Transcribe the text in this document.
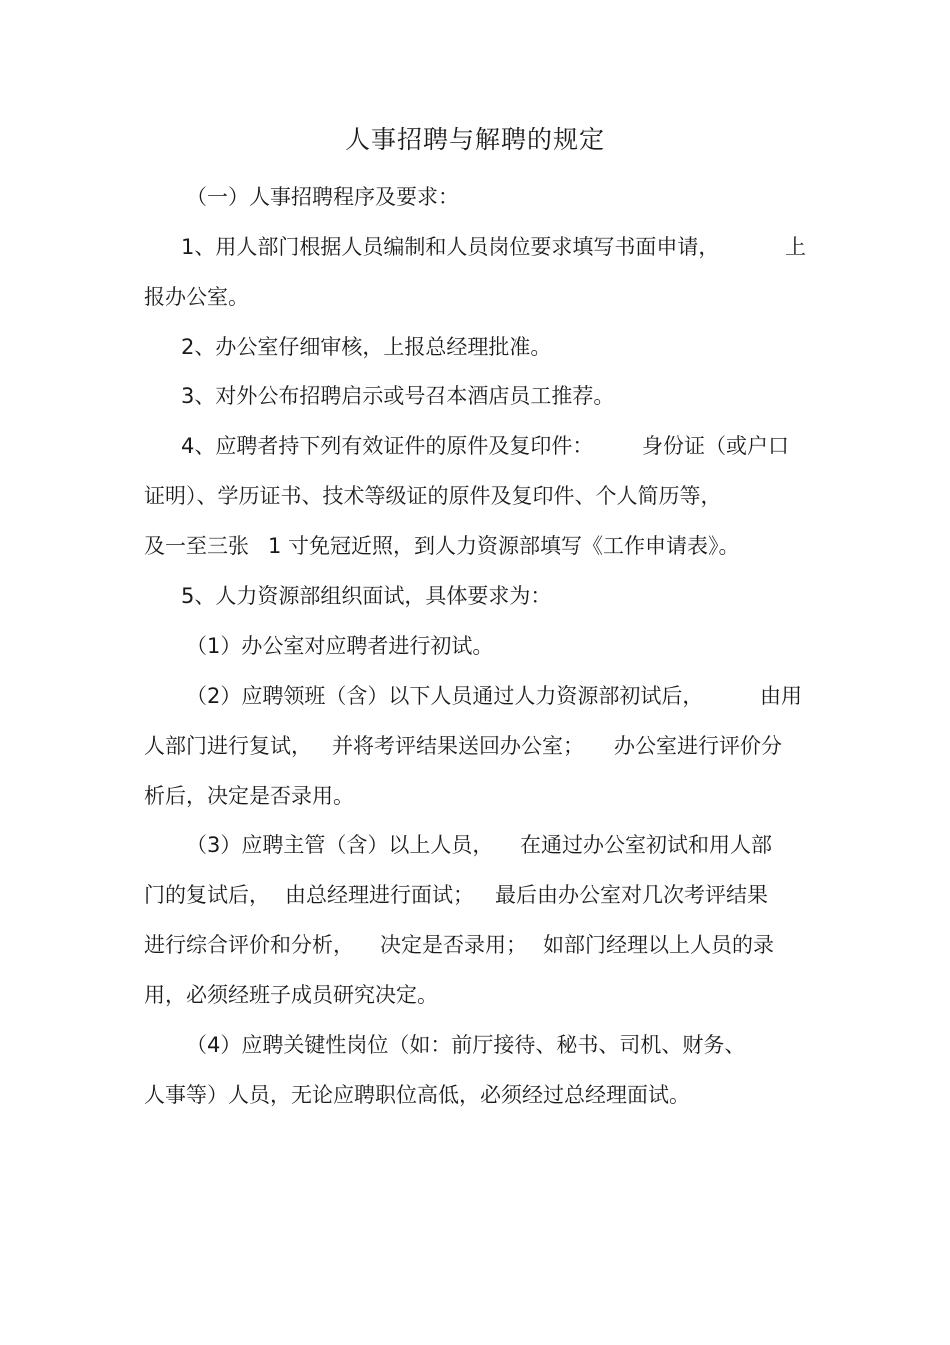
人事招聘与解聘的规定
（一）人事招聘程序及要求：
1、用人部门根据人员编制和人员岗位要求填写书面申请，	上
报办公室。
2、办公室仔细审核，上报总经理批准。
3、对外公布招聘启示或号召本酒店员工推荐。
4、应聘者持下列有效证件的原件及复印件： 身份证（或户口
证明）、学历证书、技术等级证的原件及复印件、个人简历等，
及一至三张 1 寸免冠近照，到人力资源部填写《工作申请表》。
5、人力资源部组织面试，具体要求为：
（1）办公室对应聘者进行初试。
（2）应聘领班（含）以下人员通过人力资源部初试后，	由用
人部门进行复试， 并将考评结果送回办公室； 办公室进行评价分
析后，决定是否录用。
（3）应聘主管（含）以上人员， 在通过办公室初试和用人部
门的复试后， 由总经理进行面试； 最后由办公室对几次考评结果
进行综合评价和分析， 决定是否录用； 如部门经理以上人员的录
用，必须经班子成员研究决定。
（4）应聘关键性岗位（如：前厅接待、秘书、司机、财务、
人事等）人员，无论应聘职位高低，必须经过总经理面试。
